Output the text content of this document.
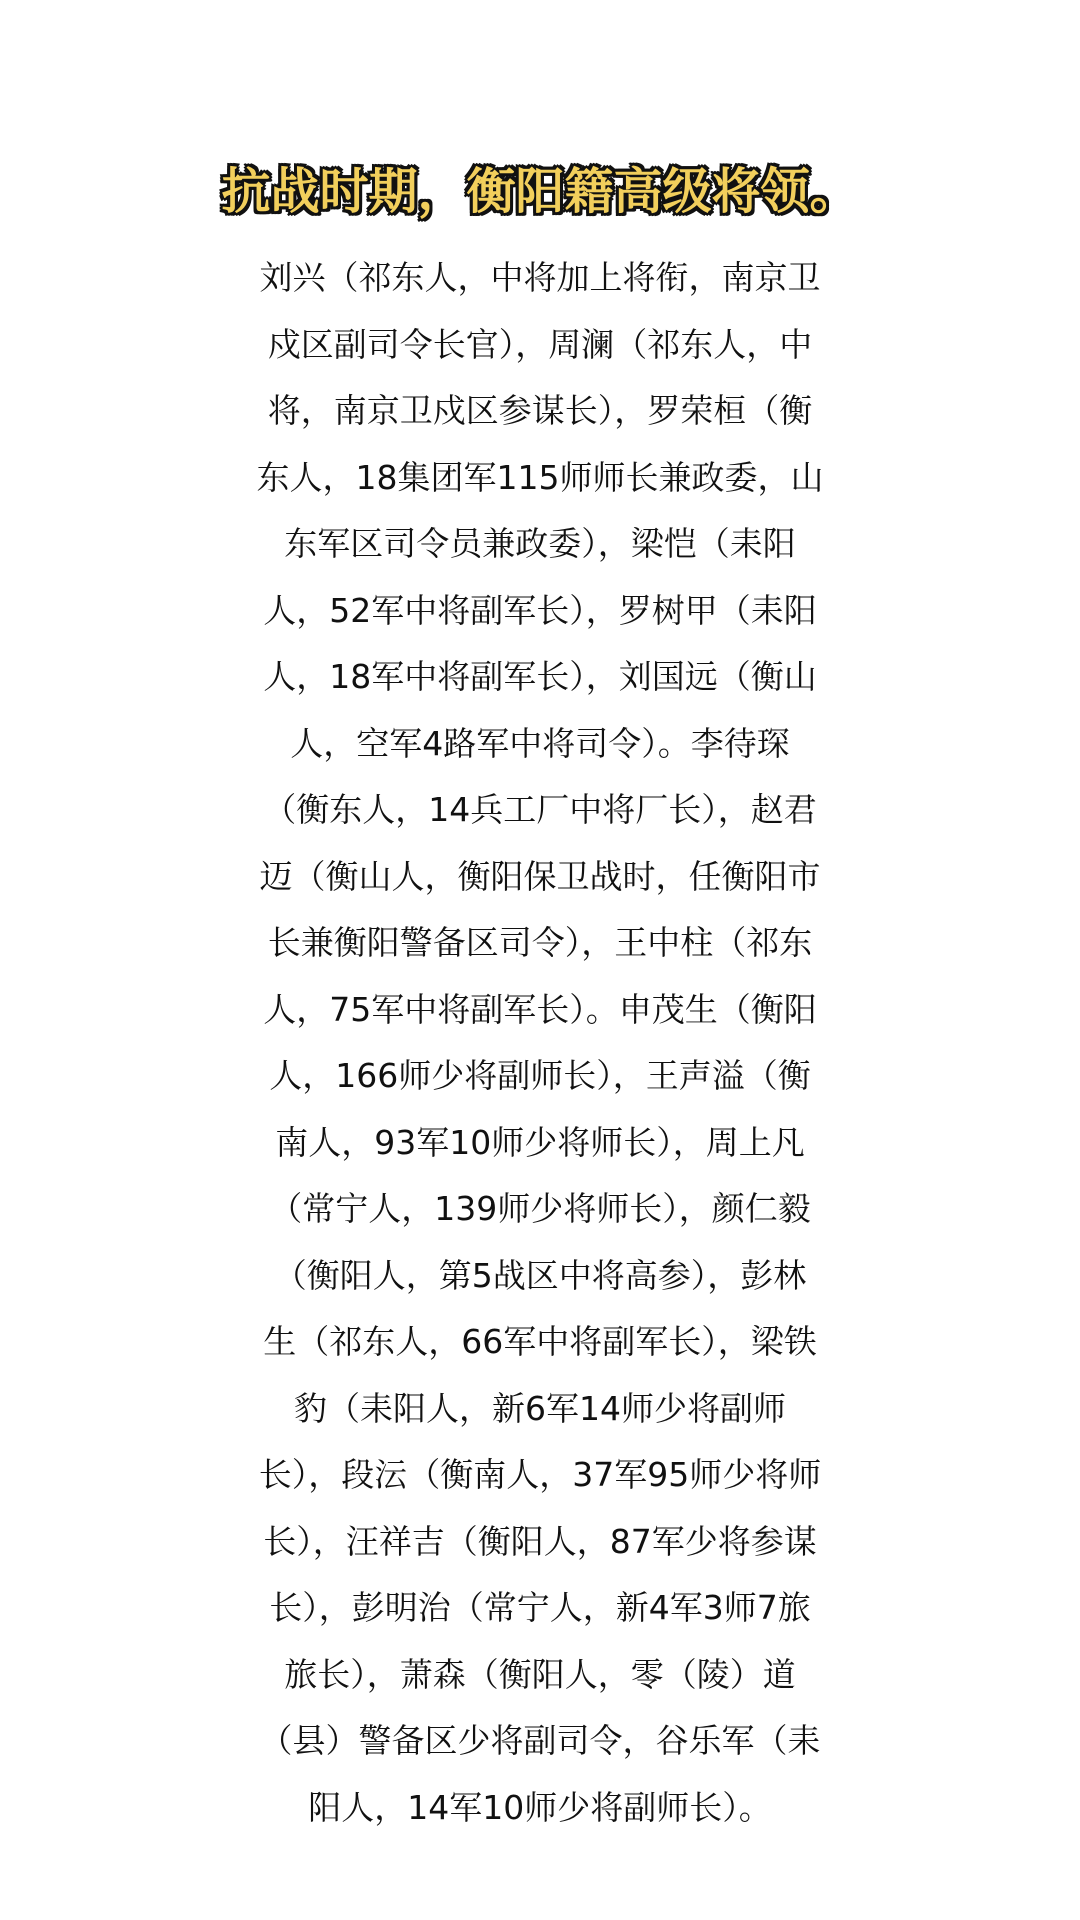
抗战时期，衡阳籍高级将领。
刘兴（祁东人，中将加上将衔，南京卫
戍区副司令长官），周澜（祁东人，中
将，南京卫戍区参谋长），罗荣桓（衡
东人，18集团军115师师长兼政委，山
东军区司令员兼政委），梁恺（耒阳
人，52军中将副军长），罗树甲（耒阳
人，18军中将副军长），刘国远（衡山
人，空军4路军中将司令）。李待琛
（衡东人，14兵工厂中将厂长），赵君
迈（衡山人，衡阳保卫战时，任衡阳市
长兼衡阳警备区司令），王中柱（祁东
人，75军中将副军长）。申茂生（衡阳
人，166师少将副师长），王声溢（衡
南人，93军10师少将师长），周上凡
（常宁人，139师少将师长），颜仁毅
（衡阳人，第5战区中将高参），彭林
生（祁东人，66军中将副军长），梁铁
豹（耒阳人，新6军14师少将副师
长），段沄（衡南人，37军95师少将师
长），汪祥吉（衡阳人，87军少将参谋
长），彭明治（常宁人，新4军3师7旅
旅长），萧森（衡阳人，零（陵）道
（县）警备区少将副司令，谷乐军（耒
阳人，14军10师少将副师长）。
